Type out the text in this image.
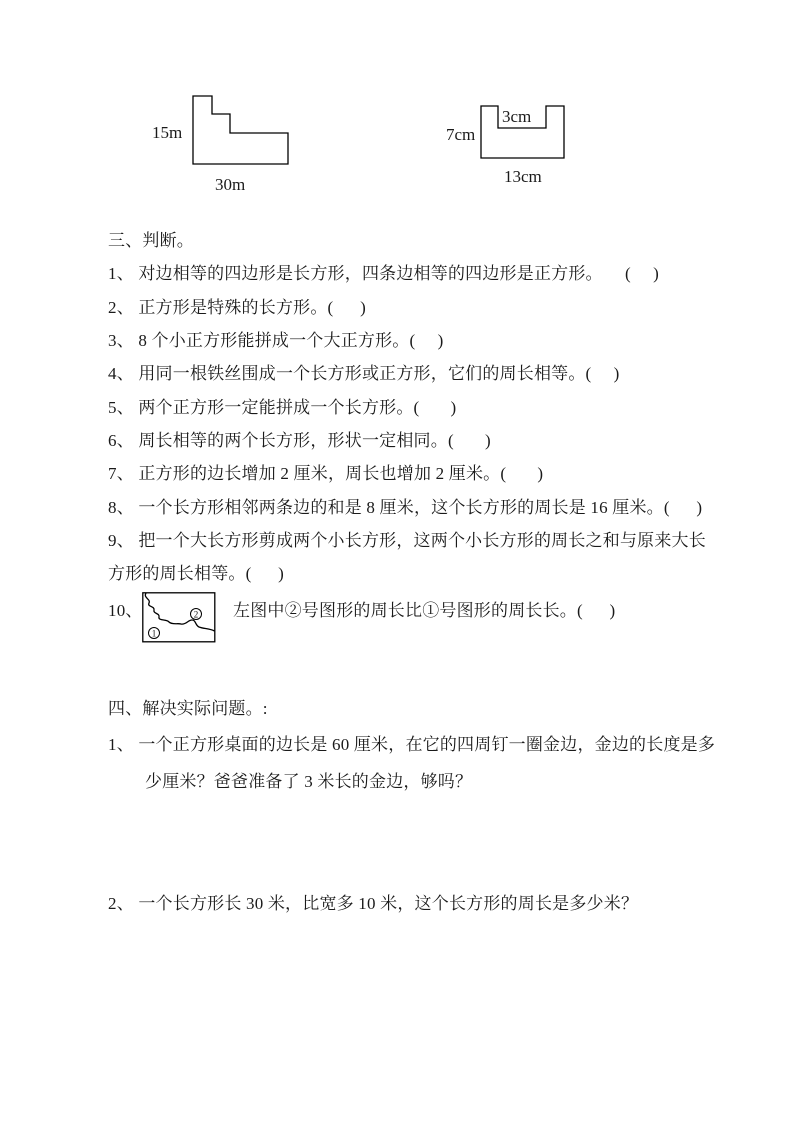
15m
30m
7cm
3cm
13cm
三、判断。
1、 对边相等的四边形是长方形，四条边相等的四边形是正方形。     (     )
2、 正方形是特殊的长方形。(      )
3、 8 个小正方形能拼成一个大正方形。(     )
4、 用同一根铁丝围成一个长方形或正方形，它们的周长相等。(     )
5、 两个正方形一定能拼成一个长方形。(       )
6、 周长相等的两个长方形，形状一定相同。(       )
7、 正方形的边长增加 2 厘米，周长也增加 2 厘米。(       )
8、 一个长方形相邻两条边的和是 8 厘米，这个长方形的周长是 16 厘米。(      )
9、 把一个大长方形剪成两个小长方形，这两个小长方形的周长之和与原来大长
方形的周长相等。(      )
10、
1
2 左图中②号图形的周长比①号图形的周长长。(      )
四、解决实际问题。:
1、 一个正方形桌面的边长是 60 厘米，在它的四周钉一圈金边，金边的长度是多
少厘米？爸爸准备了 3 米长的金边，够吗？
2、 一个长方形长 30 米，比宽多 10 米，这个长方形的周长是多少米？
